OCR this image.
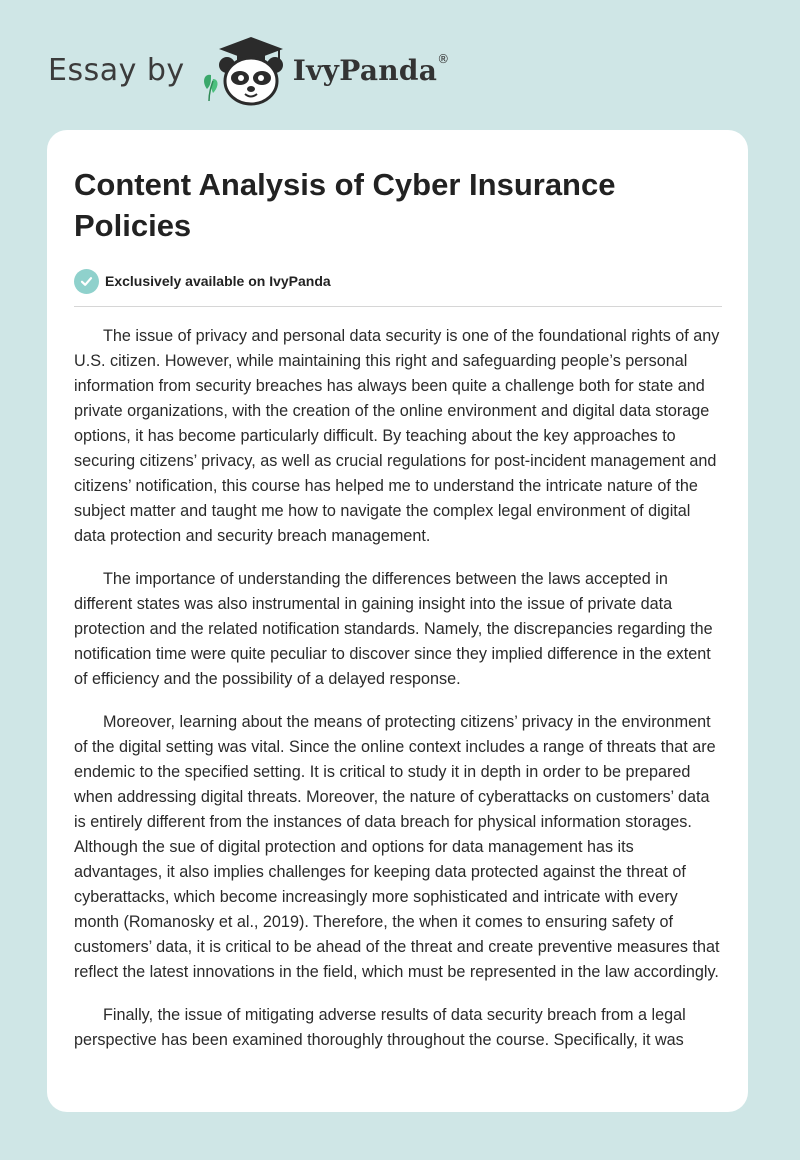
Essay by	IvyPanda ®
Content Analysis of Cyber Insurance Policies
Exclusively available on IvyPanda

The issue of privacy and personal data security is one of the foundational rights of any U.S. citizen. However, while maintaining this right and safeguarding people’s personal information from security breaches has always been quite a challenge both for state and private organizations, with the creation of the online environment and digital data storage options, it has become particularly difficult. By teaching about the key approaches to securing citizens’ privacy, as well as crucial regulations for post-incident management and citizens’ notification, this course has helped me to understand the intricate nature of the subject matter and taught me how to navigate the complex legal environment of digital data protection and security breach management.

The importance of understanding the differences between the laws accepted in different states was also instrumental in gaining insight into the issue of private data protection and the related notification standards. Namely, the discrepancies regarding the notification time were quite peculiar to discover since they implied difference in the extent of efficiency and the possibility of a delayed response.

Moreover, learning about the means of protecting citizens’ privacy in the environment of the digital setting was vital. Since the online context includes a range of threats that are endemic to the specified setting. It is critical to study it in depth in order to be prepared when addressing digital threats. Moreover, the nature of cyberattacks on customers’ data is entirely different from the instances of data breach for physical information storages. Although the sue of digital protection and options for data management has its advantages, it also implies challenges for keeping data protected against the threat of cyberattacks, which become increasingly more sophisticated and intricate with every month (Romanosky et al., 2019). Therefore, the when it comes to ensuring safety of customers’ data, it is critical to be ahead of the threat and create preventive measures that reflect the latest innovations in the field, which must be represented in the law accordingly.

Finally, the issue of mitigating adverse results of data security breach from a legal perspective has been examined thoroughly throughout the course. Specifically, it was
